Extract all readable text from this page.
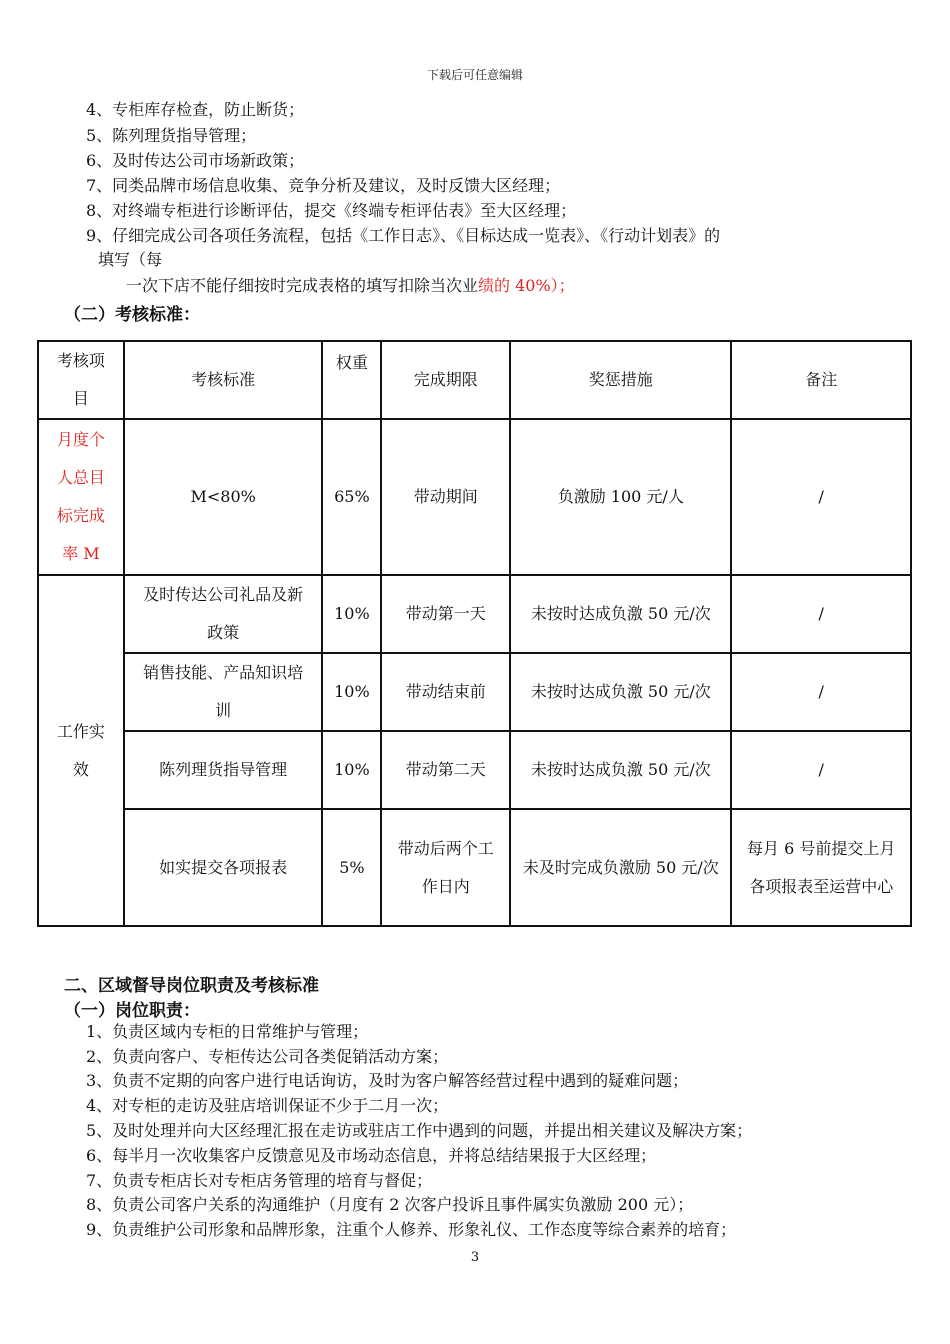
下载后可任意编辑
4、专柜库存检查，防止断货；
5、陈列理货指导管理；
6、及时传达公司市场新政策；
7、同类品牌市场信息收集、竞争分析及建议，及时反馈大区经理；
8、对终端专柜进行诊断评估，提交《终端专柜评估表》至大区经理；
9、仔细完成公司各项任务流程，包括《工作日志》、《目标达成一览表》、《行动计划表》的
填写（每
一次下店不能仔细按时完成表格的填写扣除当次业绩的 40%）；
（二）考核标准：
考核项目	考核标准	权重	完成期限	奖惩措施	备注
月度个人总目标完成率 M	M<80%	65%	带动期间	负激励 100 元/人	/
工作实效	及时传达公司礼品及新政策	10%	带动第一天	未按时达成负激 50 元/次	/
	销售技能、产品知识培训	10%	带动结束前	未按时达成负激 50 元/次	/
	陈列理货指导管理	10%	带动第二天	未按时达成负激 50 元/次	/
	如实提交各项报表	5%	带动后两个工作日内	未及时完成负激励 50 元/次	每月 6 号前提交上月各项报表至运营中心
二、区域督导岗位职责及考核标准
（一）岗位职责：
1、负责区域内专柜的日常维护与管理；
2、负责向客户、专柜传达公司各类促销活动方案；
3、负责不定期的向客户进行电话询访，及时为客户解答经营过程中遇到的疑难问题；
4、对专柜的走访及驻店培训保证不少于二月一次；
5、及时处理并向大区经理汇报在走访或驻店工作中遇到的问题，并提出相关建议及解决方案；
6、每半月一次收集客户反馈意见及市场动态信息，并将总结结果报于大区经理；
7、负责专柜店长对专柜店务管理的培育与督促；
8、负责公司客户关系的沟通维护（月度有 2 次客户投诉且事件属实负激励 200 元）；
9、负责维护公司形象和品牌形象，注重个人修养、形象礼仪、工作态度等综合素养的培育；
3
